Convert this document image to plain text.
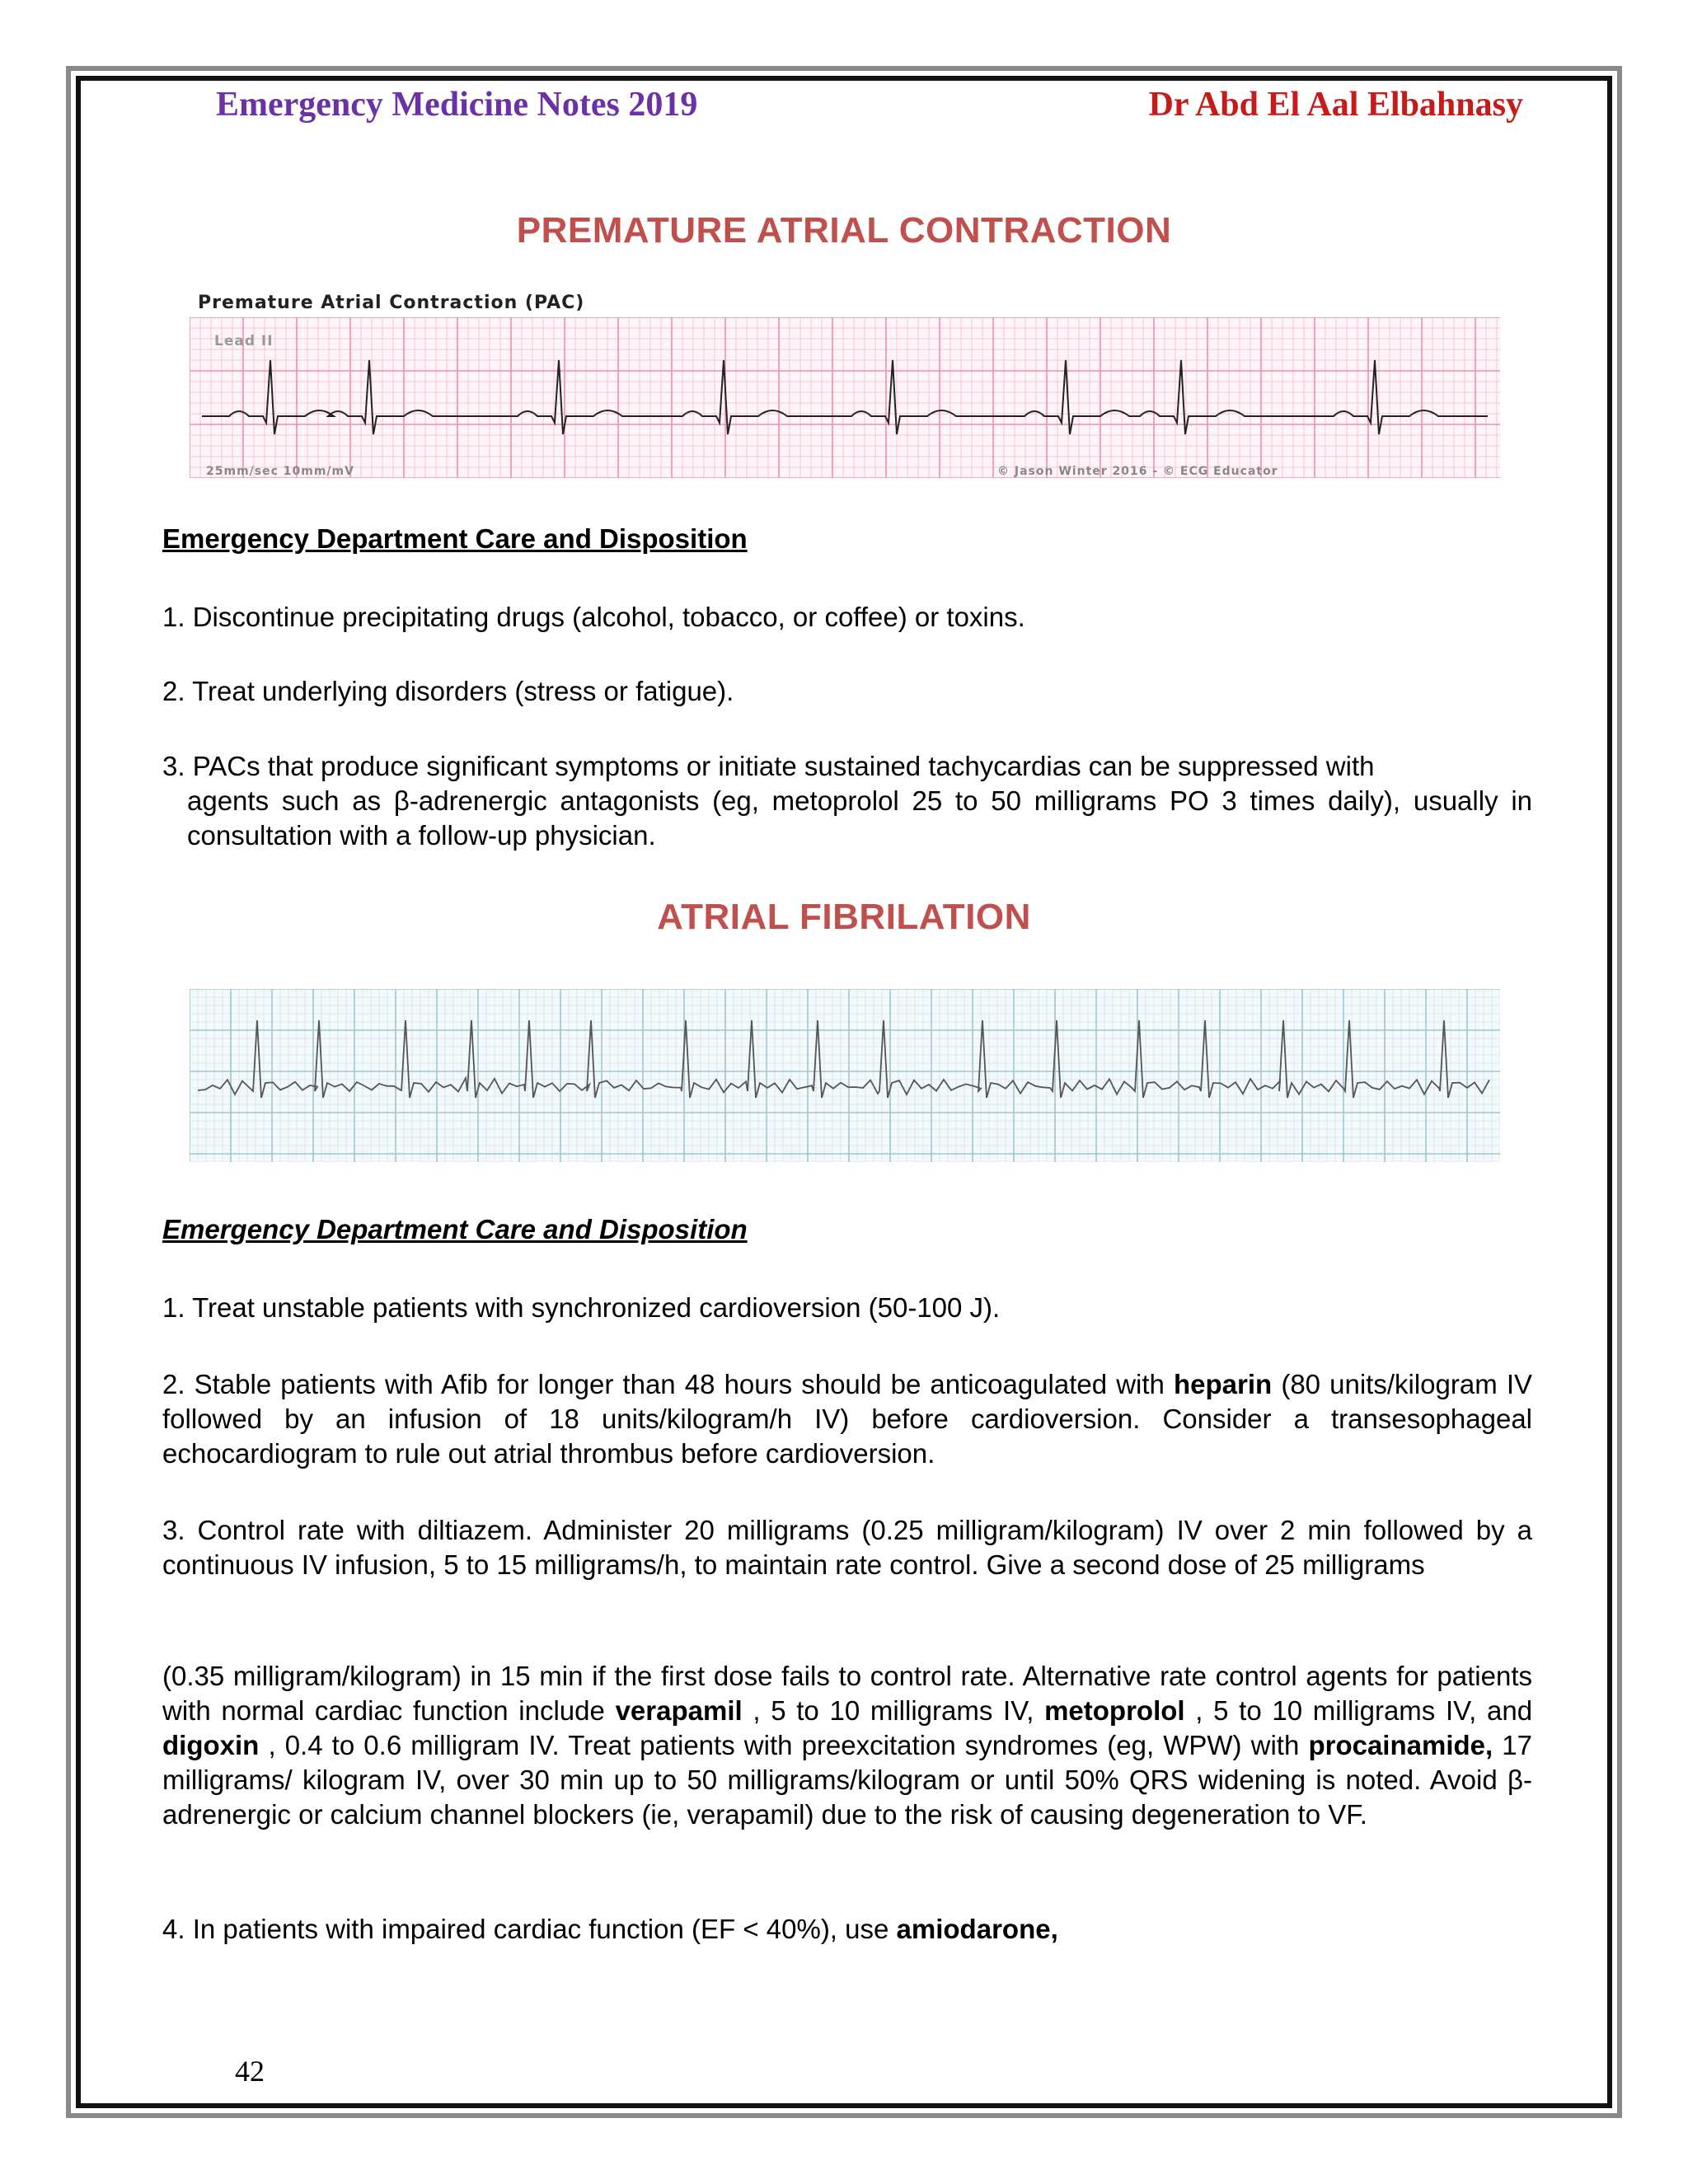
Emergency Medicine Notes 2019	Dr Abd El Aal Elbahnasy
PREMATURE ATRIAL CONTRACTION
Premature Atrial Contraction (PAC)
Lead II
25mm/sec 10mm/mV	© Jason Winter 2016 - © ECG Educator
Emergency Department Care and Disposition
1. Discontinue precipitating drugs (alcohol, tobacco, or coffee) or toxins.
2. Treat underlying disorders (stress or fatigue).
3. PACs that produce significant symptoms or initiate sustained tachycardias can be suppressed with
agents such as β-adrenergic antagonists (eg, metoprolol 25 to 50 milligrams PO 3 times daily), usually in consultation with a follow-up physician.
ATRIAL FIBRILATION
Emergency Department Care and Disposition
1. Treat unstable patients with synchronized cardioversion (50-100 J).
2. Stable patients with Afib for longer than 48 hours should be anticoagulated with heparin (80 units/kilogram IV followed by an infusion of 18 units/kilogram/h IV) before cardioversion. Consider a transesophageal echocardiogram to rule out atrial thrombus before cardioversion.
3. Control rate with diltiazem. Administer 20 milligrams (0.25 milligram/kilogram) IV over 2 min followed by a continuous IV infusion, 5 to 15 milligrams/h, to maintain rate control. Give a second dose of 25 milligrams
(0.35 milligram/kilogram) in 15 min if the first dose fails to control rate. Alternative rate control agents for patients with normal cardiac function include verapamil , 5 to 10 milligrams IV, metoprolol , 5 to 10 milligrams IV, and digoxin , 0.4 to 0.6 milligram IV. Treat patients with preexcitation syndromes (eg, WPW) with procainamide, 17 milligrams/ kilogram IV, over 30 min up to 50 milligrams/kilogram or until 50% QRS widening is noted. Avoid β-adrenergic or calcium channel blockers (ie, verapamil) due to the risk of causing degeneration to VF.
4. In patients with impaired cardiac function (EF < 40%), use amiodarone,
42
